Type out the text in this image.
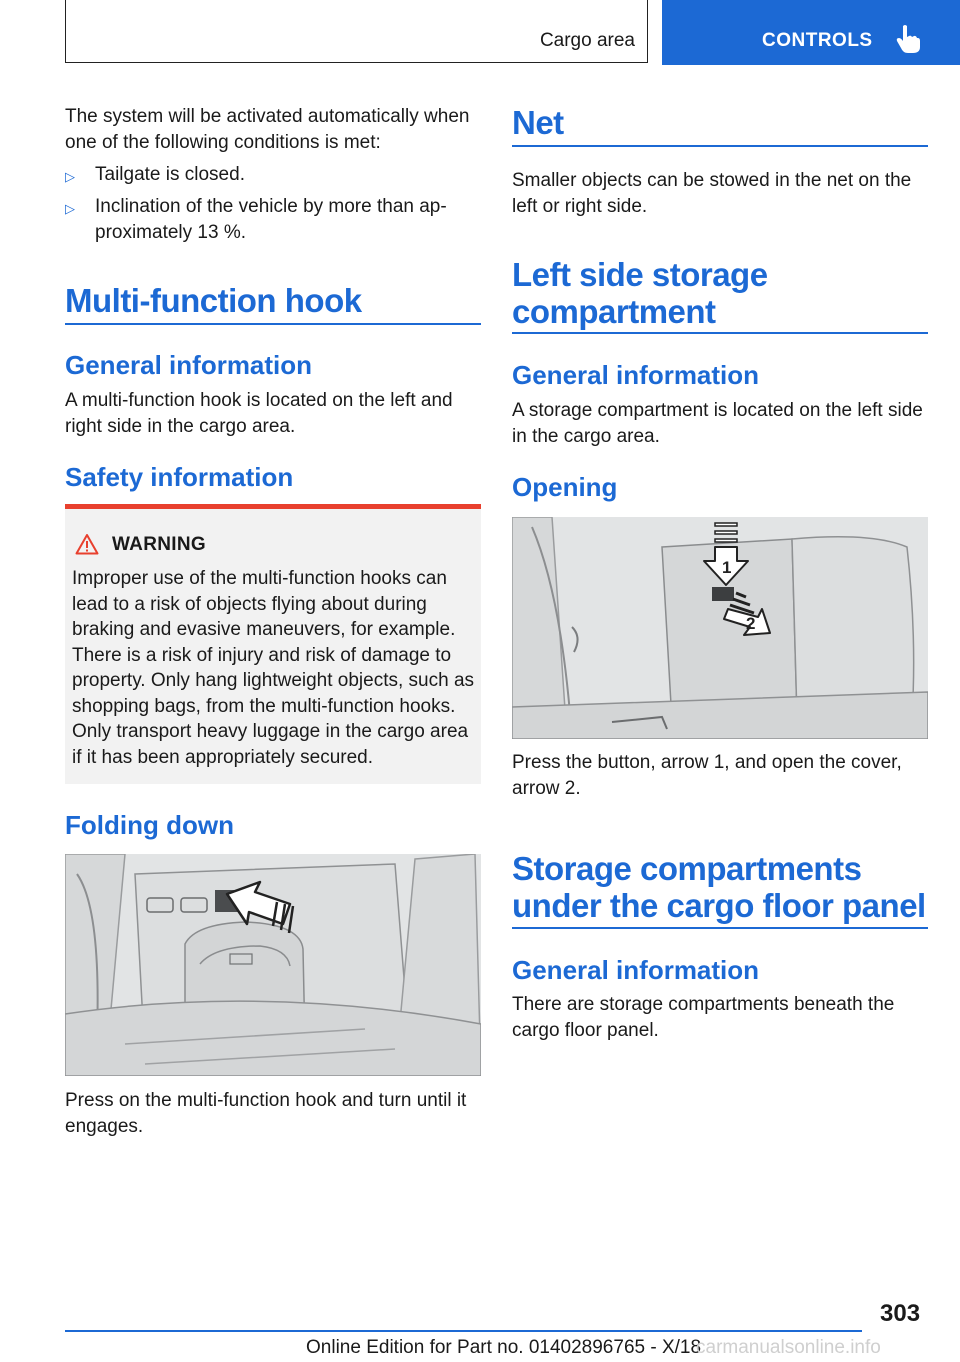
Cargo area	CONTROLS
The system will be activated automatically when one of the following conditions is met:
▷ Tailgate is closed.
▷ Inclination of the vehicle by more than approximately 13 %.
Multi-function hook
General information
A multi-function hook is located on the left and right side in the cargo area.
Safety information
WARNING
Improper use of the multi-function hooks can lead to a risk of objects flying about during braking and evasive maneuvers, for example. There is a risk of injury and risk of damage to property. Only hang lightweight objects, such as shopping bags, from the multi-function hooks. Only transport heavy luggage in the cargo area if it has been appropriately secured.
Folding down
Press on the multi-function hook and turn until it engages.
Net
Smaller objects can be stowed in the net on the left or right side.
Left side storage
compartment
General information
A storage compartment is located on the left side in the cargo area.
Opening
1
2
Press the button, arrow 1, and open the cover, arrow 2.
Storage compartments
under the cargo floor panel
General information
There are storage compartments beneath the cargo floor panel.
303
Online Edition for Part no. 01402896765 - X/18
carmanualsonline.info
